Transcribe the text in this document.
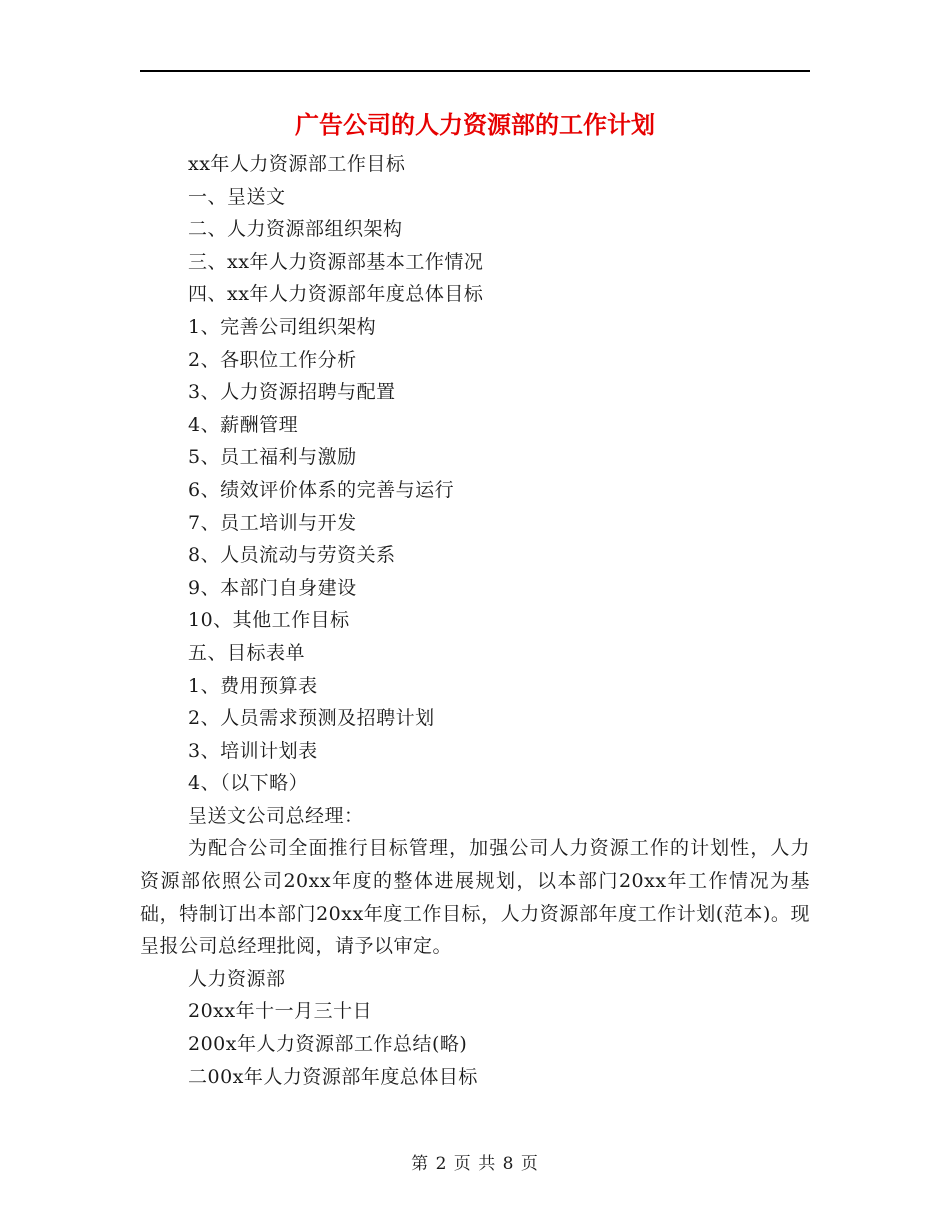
广告公司的人力资源部的工作计划
xx年人力资源部工作目标
一、呈送文
二、人力资源部组织架构
三、xx年人力资源部基本工作情况
四、xx年人力资源部年度总体目标
1、完善公司组织架构
2、各职位工作分析
3、人力资源招聘与配置
4、薪酬管理
5、员工福利与激励
6、绩效评价体系的完善与运行
7、员工培训与开发
8、人员流动与劳资关系
9、本部门自身建设
10、其他工作目标
五、目标表单
1、费用预算表
2、人员需求预测及招聘计划
3、培训计划表
4、（以下略）
呈送文公司总经理：

为配合公司全面推行目标管理，加强公司人力资源工作的计划性，人力资源部依照公司20xx年度的整体进展规划，以本部门20xx年工作情况为基础，特制订出本部门20xx年度工作目标，人力资源部年度工作计划(范本)。现呈报公司总经理批阅，请予以审定。

人力资源部
20xx年十一月三十日
200x年人力资源部工作总结(略)
二00x年人力资源部年度总体目标
第 2 页 共 8 页
